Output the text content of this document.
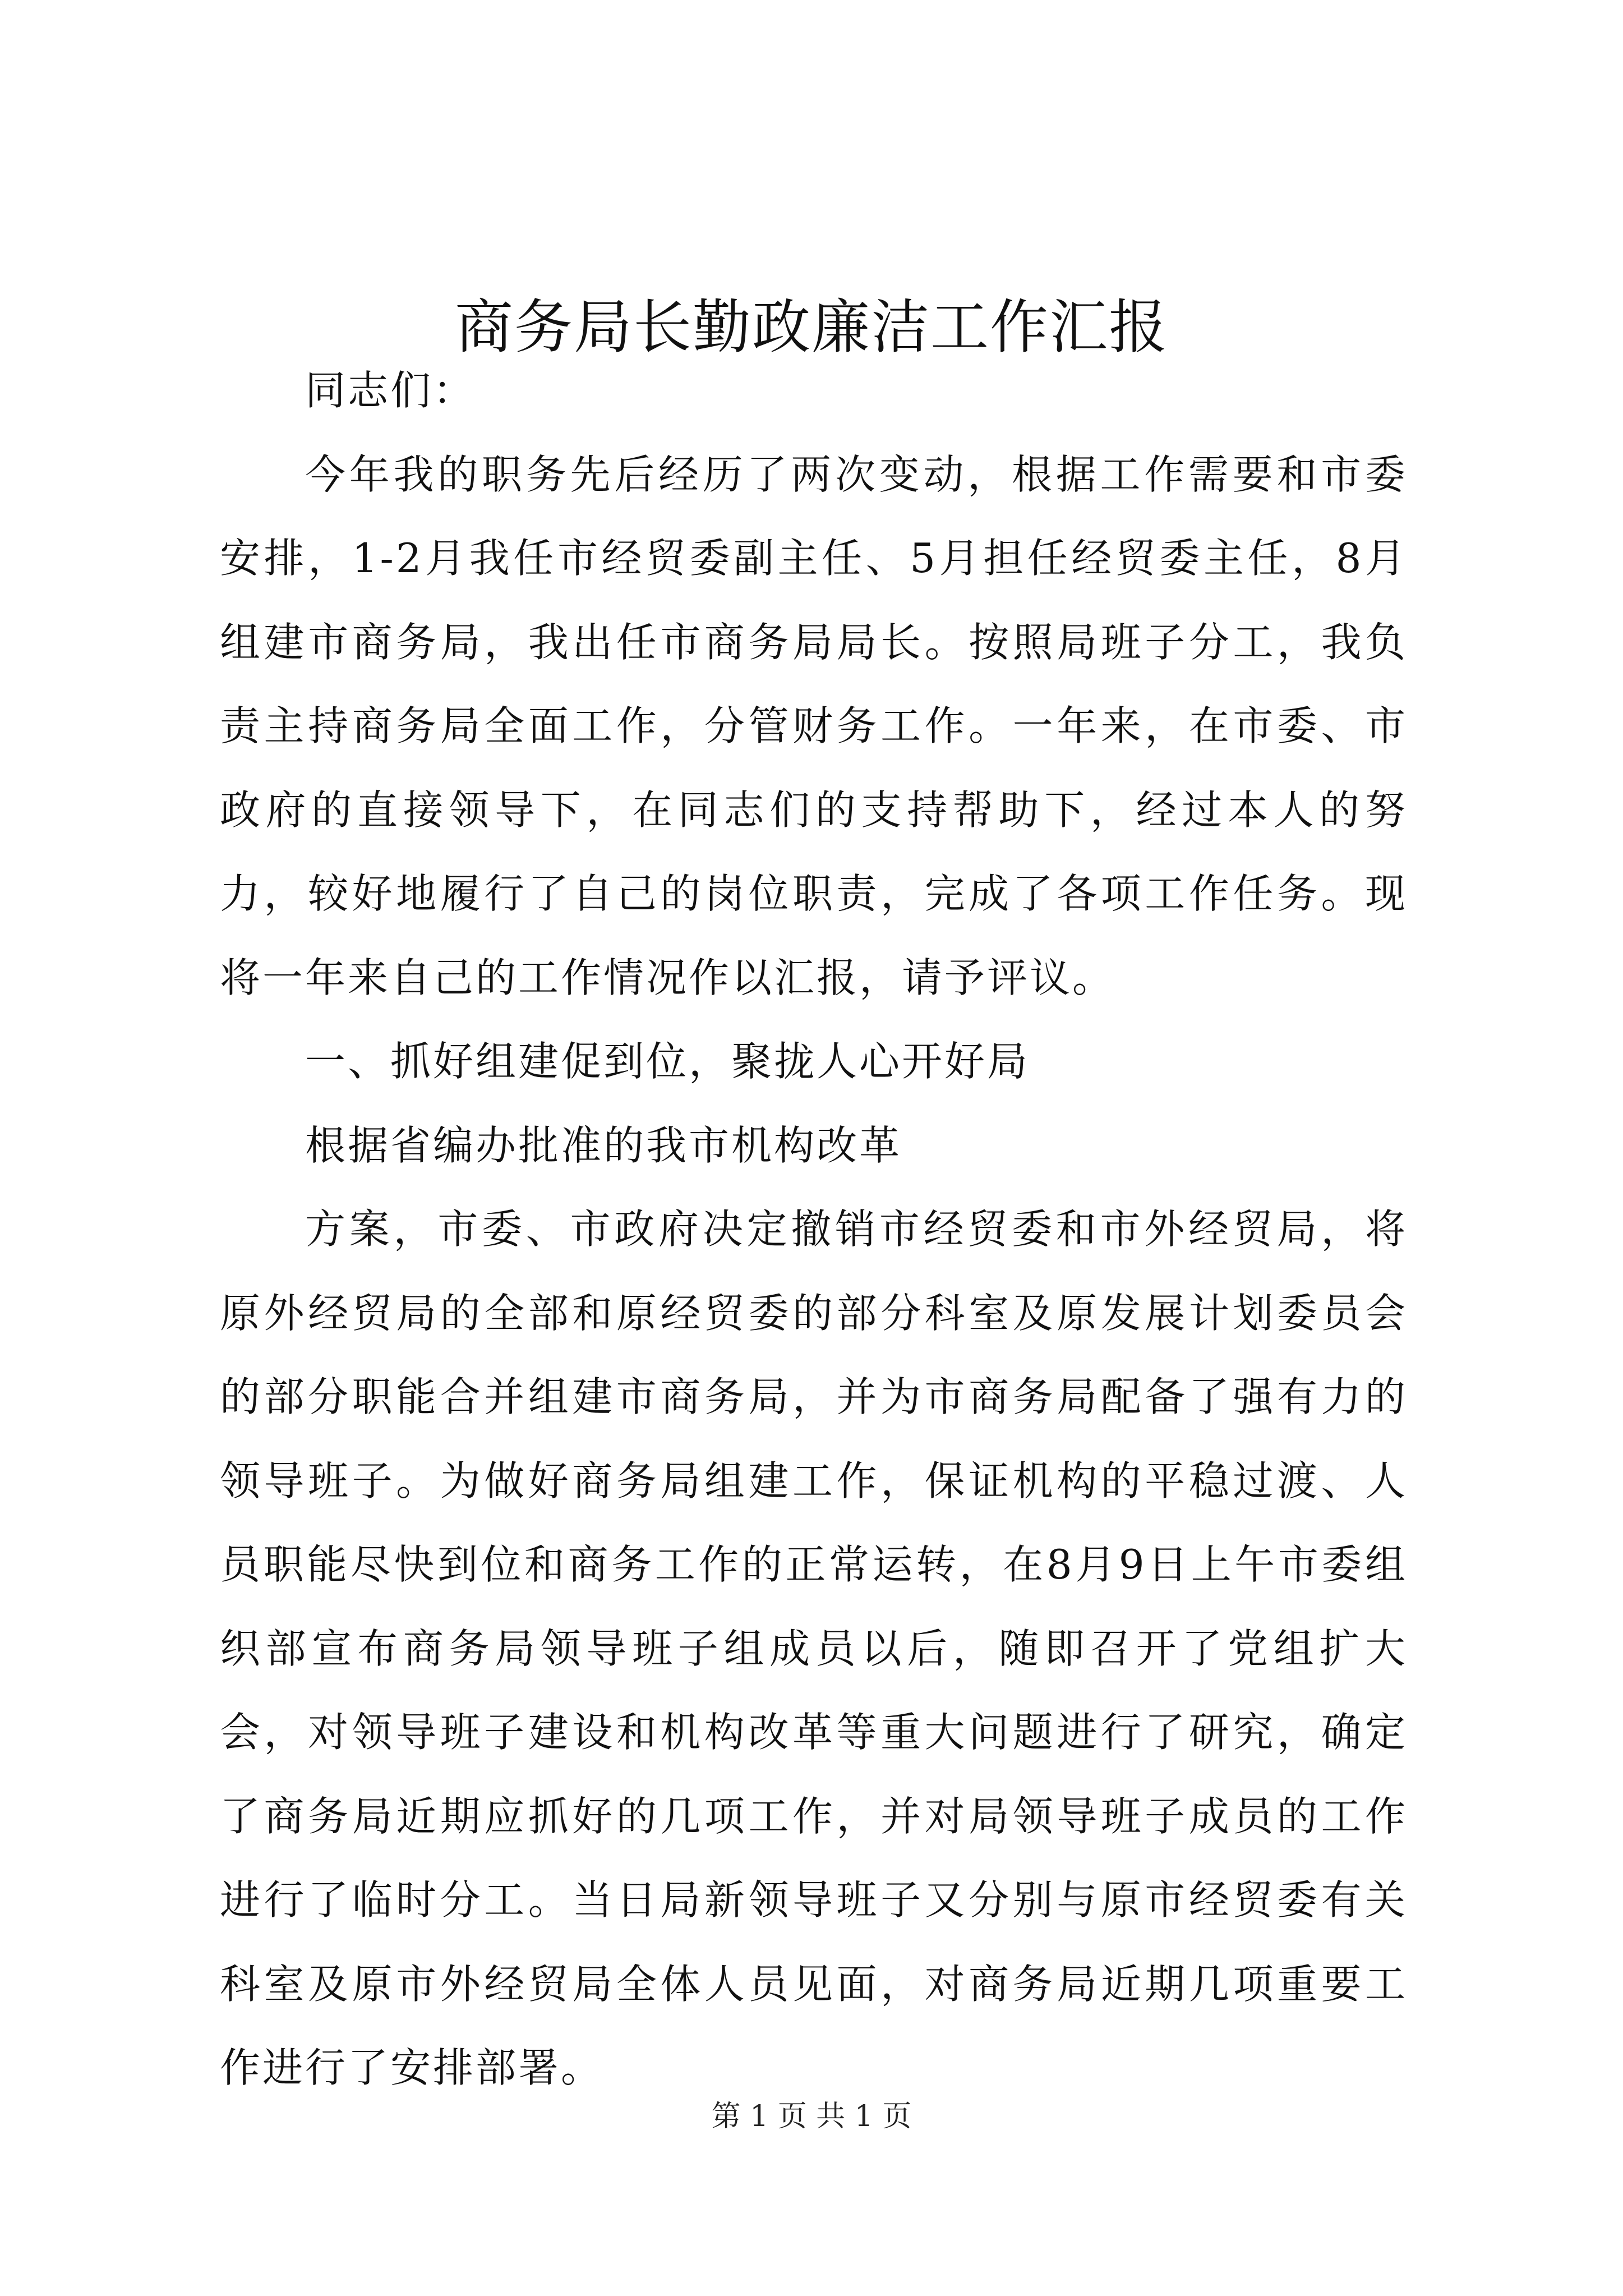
商务局长勤政廉洁工作汇报

同志们：

今年我的职务先后经历了两次变动，根据工作需要和市委安排，1-2月我任市经贸委副主任、5月担任经贸委主任，8月组建市商务局，我出任市商务局局长。按照局班子分工，我负责主持商务局全面工作，分管财务工作。一年来，在市委、市政府的直接领导下，在同志们的支持帮助下，经过本人的努力，较好地履行了自己的岗位职责，完成了各项工作任务。现将一年来自己的工作情况作以汇报，请予评议。

一、抓好组建促到位，聚拢人心开好局

根据省编办批准的我市机构改革

方案，市委、市政府决定撤销市经贸委和市外经贸局，将原外经贸局的全部和原经贸委的部分科室及原发展计划委员会的部分职能合并组建市商务局，并为市商务局配备了强有力的领导班子。为做好商务局组建工作，保证机构的平稳过渡、人员职能尽快到位和商务工作的正常运转，在8月9日上午市委组织部宣布商务局领导班子组成员以后，随即召开了党组扩大会，对领导班子建设和机构改革等重大问题进行了研究，确定了商务局近期应抓好的几项工作，并对局领导班子成员的工作进行了临时分工。当日局新领导班子又分别与原市经贸委有关科室及原市外经贸局全体人员见面，对商务局近期几项重要工作进行了安排部署。

第 1 页 共 1 页
